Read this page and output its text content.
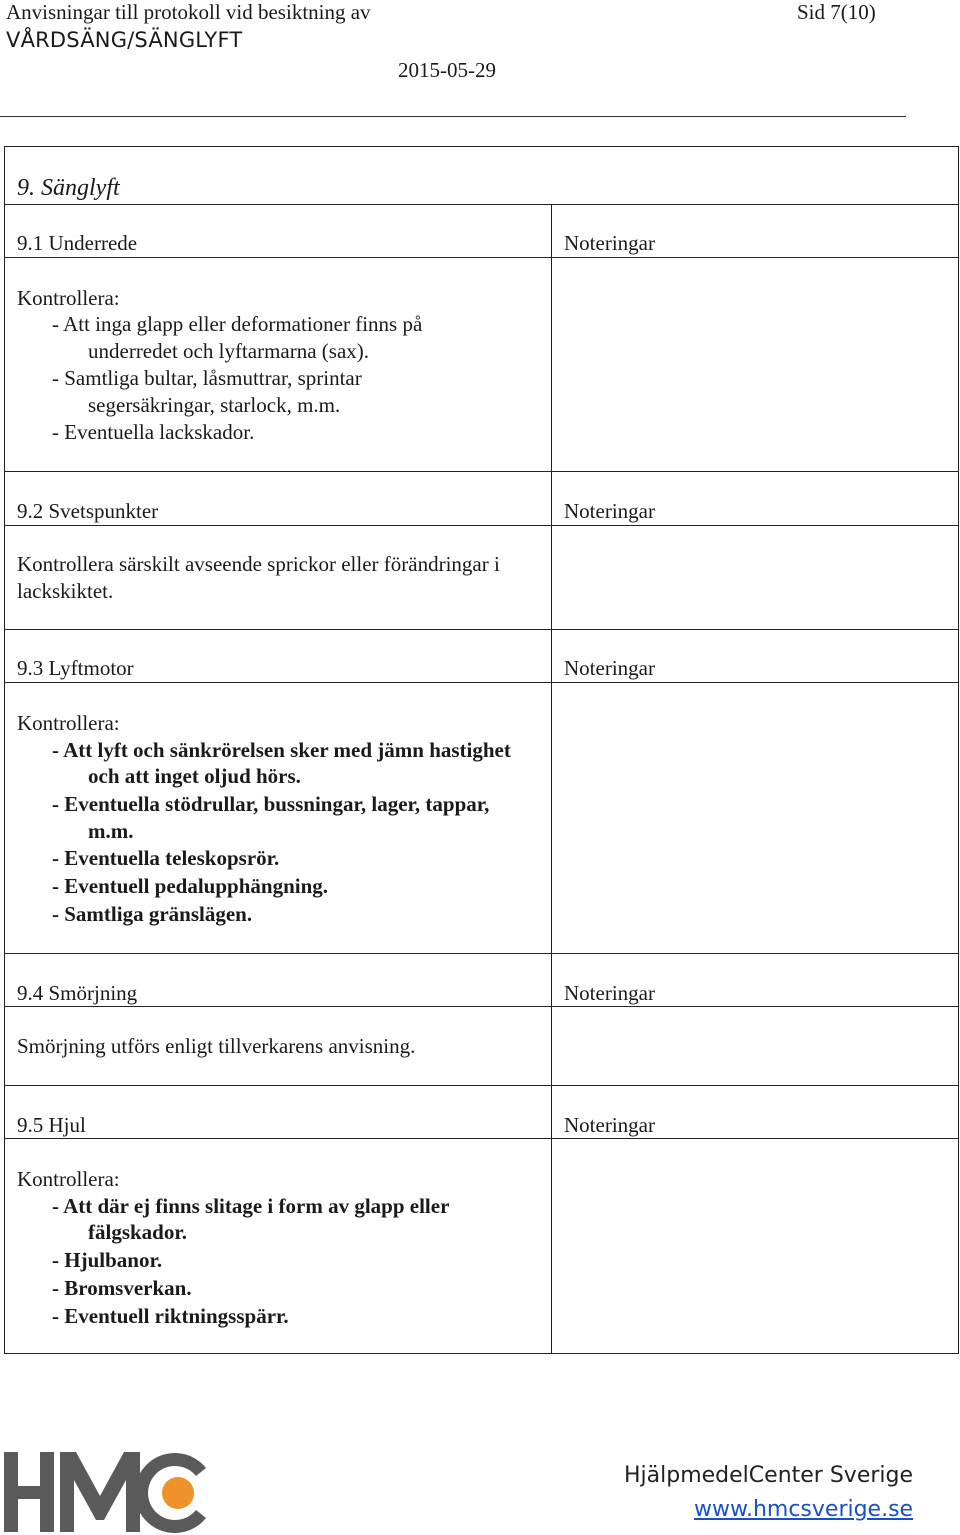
Anvisningar till protokoll vid besiktning av
VÅRDSÄNG/SÄNGLYFT
Sid 7(10)
2015-05-29
9. Sänglyft
9.1 Underrede	Noteringar
Kontrollera:
- Att inga glapp eller deformationer finns på
underredet och lyftarmarna (sax).
- Samtliga bultar, låsmuttrar, sprintar
segersäkringar, starlock, m.m.
- Eventuella lackskador.
9.2 Svetspunkter	Noteringar
Kontrollera särskilt avseende sprickor eller förändringar i
lackskiktet.
9.3 Lyftmotor	Noteringar
Kontrollera:
- Att lyft och sänkrörelsen sker med jämn hastighet
och att inget oljud hörs.
- Eventuella stödrullar, bussningar, lager, tappar,
m.m.
- Eventuella teleskopsrör.
- Eventuell pedalupphängning.
- Samtliga gränslägen.
9.4 Smörjning	Noteringar
Smörjning utförs enligt tillverkarens anvisning.
9.5 Hjul	Noteringar
Kontrollera:
- Att där ej finns slitage i form av glapp eller
fälgskador.
- Hjulbanor.
- Bromsverkan.
- Eventuell riktningsspärr.
HjälpmedelCenter Sverige
www.hmcsverige.se
